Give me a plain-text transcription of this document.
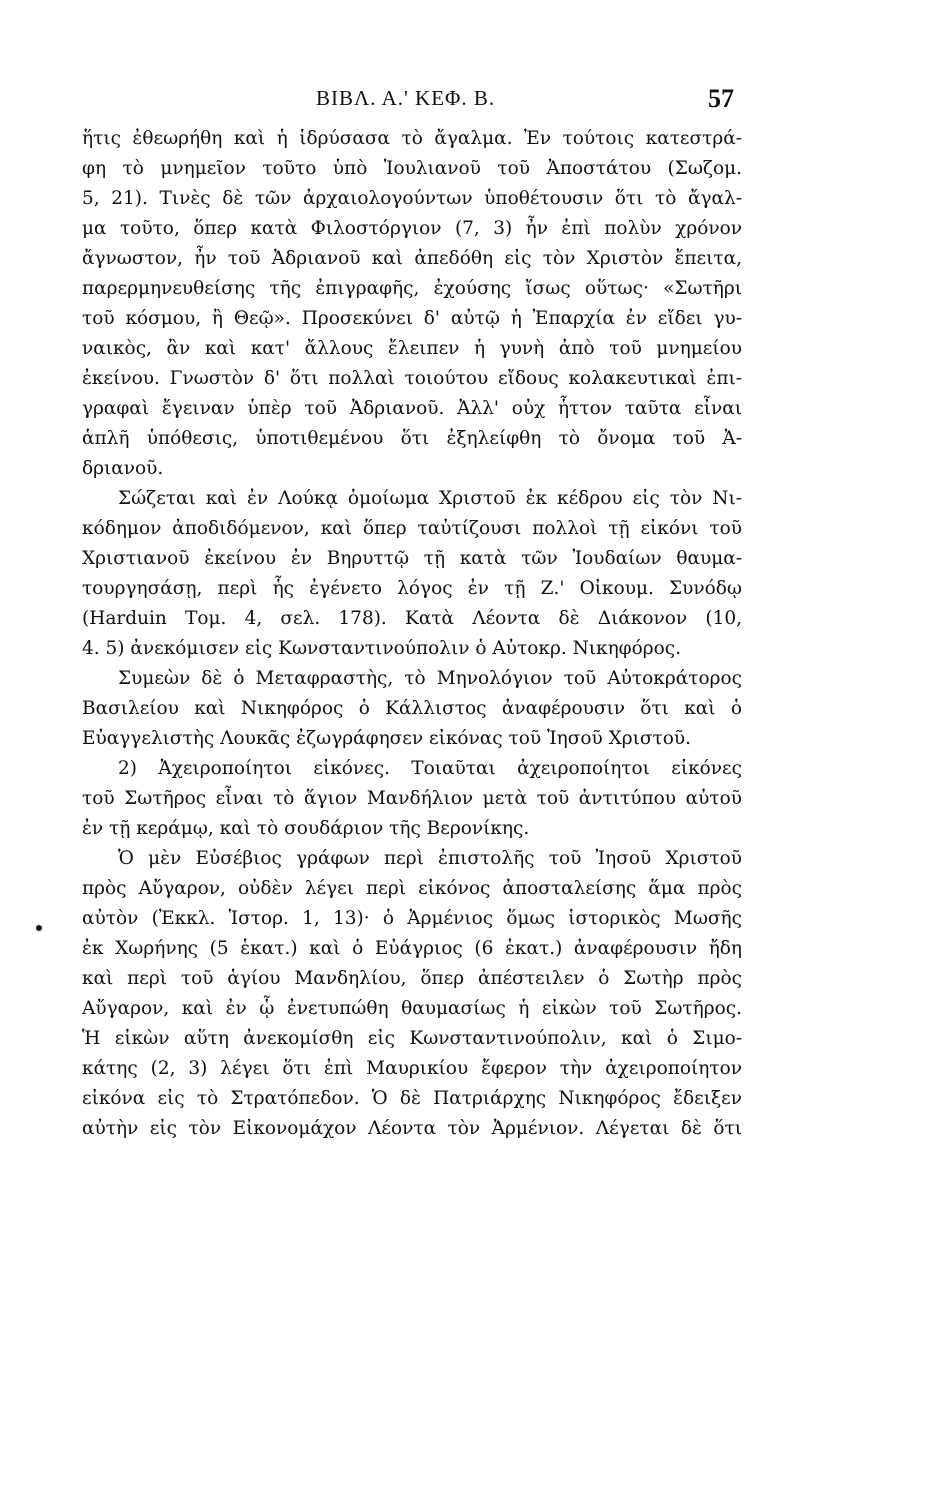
ΒΙΒΛ. Α.' ΚΕΦ. Β.	57
ἥτις ἐθεωρήθη καὶ ἡ ἱδρύσασα τὸ ἄγαλμα. Ἐν τούτοις κατεστρά-
φη τὸ μνημεῖον τοῦτο ὑπὸ Ἰουλιανοῦ τοῦ Ἀποστάτου (Σωζομ.
5, 21). Τινὲς δὲ τῶν ἀρχαιολογούντων ὑποθέτουσιν ὅτι τὸ ἄγαλ-
μα τοῦτο, ὅπερ κατὰ Φιλοστόργιον (7, 3) ἦν ἐπὶ πολὺν χρόνον
ἄγνωστον, ἦν τοῦ Ἀδριανοῦ καὶ ἀπεδόθη εἰς τὸν Χριστὸν ἔπειτα,
παρερμηνευθείσης τῆς ἐπιγραφῆς, ἐχούσης ἴσως οὕτως· «Σωτῆρι
τοῦ κόσμου, ἢ Θεῷ». Προσεκύνει δ' αὐτῷ ἡ Ἐπαρχία ἐν εἴδει γυ-
ναικὸς, ἂν καὶ κατ' ἄλλους ἔλειπεν ἡ γυνὴ ἀπὸ τοῦ μνημείου
ἐκείνου. Γνωστὸν δ' ὅτι πολλαὶ τοιούτου εἴδους κολακευτικαὶ ἐπι-
γραφαὶ ἔγειναν ὑπὲρ τοῦ Ἀδριανοῦ. Ἀλλ' οὐχ ἧττον ταῦτα εἶναι
ἁπλῆ ὑπόθεσις, ὑποτιθεμένου ὅτι ἐξηλείφθη τὸ ὄνομα τοῦ Ἀ-
δριανοῦ.
Σώζεται καὶ ἐν Λούκᾳ ὁμοίωμα Χριστοῦ ἐκ κέδρου εἰς τὸν Νι-
κόδημον ἀποδιδόμενον, καὶ ὅπερ ταὐτίζουσι πολλοὶ τῇ εἰκόνι τοῦ
Χριστιανοῦ ἐκείνου ἐν Βηρυττῷ τῇ κατὰ τῶν Ἰουδαίων θαυμα-
τουργησάσῃ, περὶ ἧς ἐγένετο λόγος ἐν τῇ Ζ.' Οἰκουμ. Συνόδῳ
(Harduin Τομ. 4, σελ. 178). Κατὰ Λέοντα δὲ Διάκονον (10,
4. 5) ἀνεκόμισεν εἰς Κωνσταντινούπολιν ὁ Αὐτοκρ. Νικηφόρος.
Συμεὼν δὲ ὁ Μεταφραστὴς, τὸ Μηνολόγιον τοῦ Αὐτοκράτορος
Βασιλείου καὶ Νικηφόρος ὁ Κάλλιστος ἀναφέρουσιν ὅτι καὶ ὁ
Εὐαγγελιστὴς Λουκᾶς ἐζωγράφησεν εἰκόνας τοῦ Ἰησοῦ Χριστοῦ.
2) Ἀχειροποίητοι εἰκόνες. Τοιαῦται ἀχειροποίητοι εἰκόνες
τοῦ Σωτῆρος εἶναι τὸ ἅγιον Μανδήλιον μετὰ τοῦ ἀντιτύπου αὐτοῦ
ἐν τῇ κεράμῳ, καὶ τὸ σουδάριον τῆς Βερονίκης.
Ὁ μὲν Εὐσέβιος γράφων περὶ ἐπιστολῆς τοῦ Ἰησοῦ Χριστοῦ
πρὸς Αὔγαρον, οὐδὲν λέγει περὶ εἰκόνος ἀποσταλείσης ἅμα πρὸς
αὐτὸν (Ἐκκλ. Ἱστορ. 1, 13)· ὁ Ἀρμένιος ὅμως ἱστορικὸς Μωσῆς
ἐκ Χωρήνης (5 ἑκατ.) καὶ ὁ Εὐάγριος (6 ἑκατ.) ἀναφέρουσιν ἤδη
καὶ περὶ τοῦ ἁγίου Μανδηλίου, ὅπερ ἀπέστειλεν ὁ Σωτὴρ πρὸς
Αὔγαρον, καὶ ἐν ᾧ ἐνετυπώθη θαυμασίως ἡ εἰκὼν τοῦ Σωτῆρος.
Ἡ εἰκὼν αὕτη ἀνεκομίσθη εἰς Κωνσταντινούπολιν, καὶ ὁ Σιμο-
κάτης (2, 3) λέγει ὅτι ἐπὶ Μαυρικίου ἔφερον τὴν ἀχειροποίητον
εἰκόνα εἰς τὸ Στρατόπεδον. Ὁ δὲ Πατριάρχης Νικηφόρος ἔδειξεν
αὐτὴν εἰς τὸν Εἰκονομάχον Λέοντα τὸν Ἀρμένιον. Λέγεται δὲ ὅτι
